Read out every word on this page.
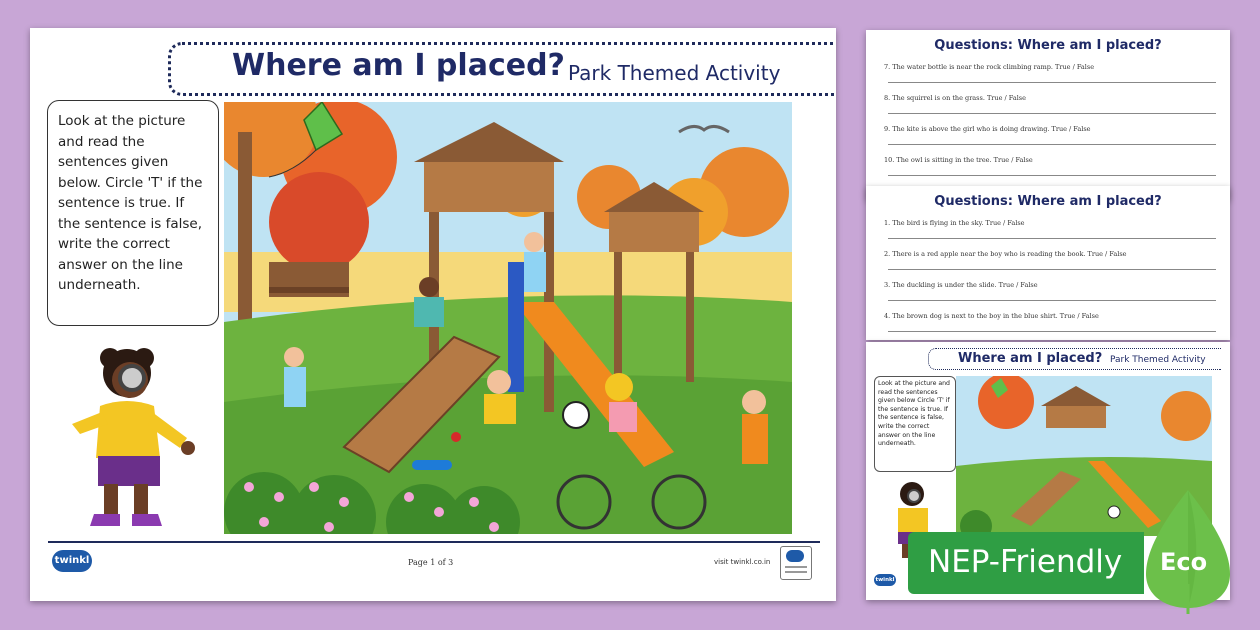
Where am I placed? Park Themed Activity
Look at the picture and read the sentences given below. Circle 'T' if the sentence is true. If the sentence is false, write the correct answer on the line underneath.
twinkl	Page 1 of 3	visit twinkl.co.in
Questions: Where am I placed?
7. The water bottle is near the rock climbing ramp. True / False
8. The squirrel is on the grass. True / False
9. The kite is above the girl who is doing drawing. True / False
10. The owl is sitting in the tree. True / False
Questions: Where am I placed?
1. The bird is flying in the sky. True / False
2. There is a red apple near the boy who is reading the book. True / False
3. The duckling is under the slide. True / False
4. The brown dog is next to the boy in the blue shirt. True / False
Where am I placed? Park Themed Activity
Look at the picture and read the sentences given below Circle 'T' if the sentence is true. If the sentence is false, write the correct answer on the line underneath.
twinkl NEP-Friendly Eco
